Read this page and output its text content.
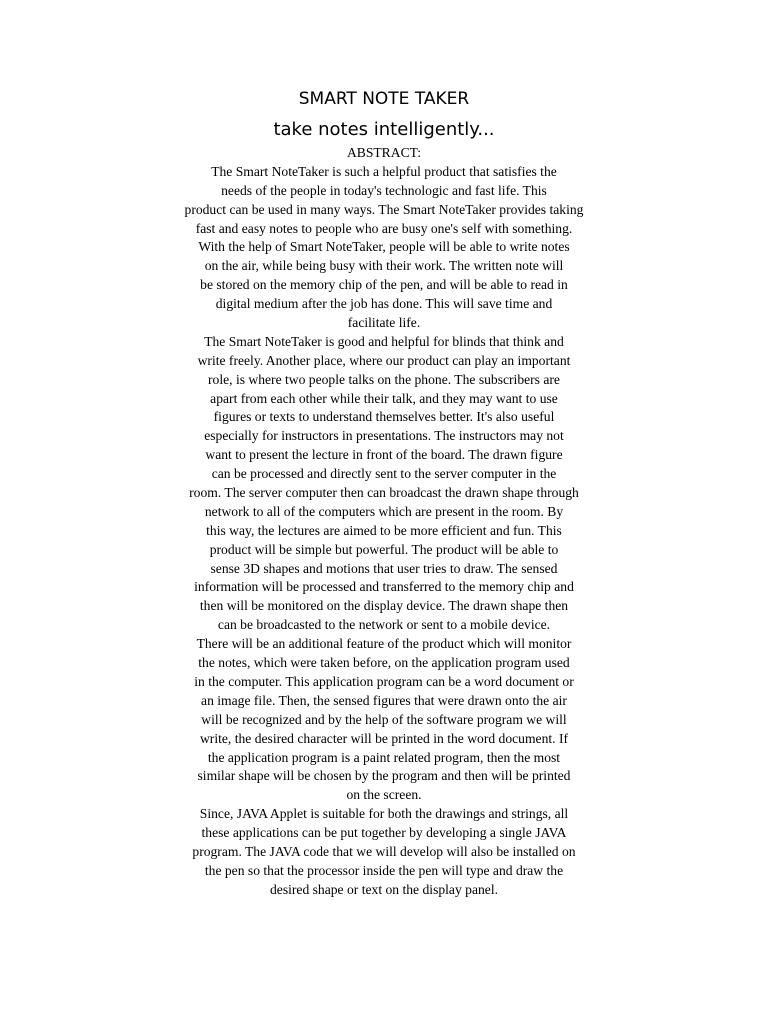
SMART NOTE TAKER
take notes intelligently...
ABSTRACT:
The Smart NoteTaker is such a helpful product that satisfies the
needs of the people in today's technologic and fast life. This
product can be used in many ways. The Smart NoteTaker provides taking
fast and easy notes to people who are busy one's self with something.
With the help of Smart NoteTaker, people will be able to write notes
on the air, while being busy with their work. The written note will
be stored on the memory chip of the pen, and will be able to read in
digital medium after the job has done. This will save time and
facilitate life.
The Smart NoteTaker is good and helpful for blinds that think and
write freely. Another place, where our product can play an important
role, is where two people talks on the phone. The subscribers are
apart from each other while their talk, and they may want to use
figures or texts to understand themselves better. It's also useful
especially for instructors in presentations. The instructors may not
want to present the lecture in front of the board. The drawn figure
can be processed and directly sent to the server computer in the
room. The server computer then can broadcast the drawn shape through
network to all of the computers which are present in the room. By
this way, the lectures are aimed to be more efficient and fun. This
product will be simple but powerful. The product will be able to
sense 3D shapes and motions that user tries to draw. The sensed
information will be processed and transferred to the memory chip and
then will be monitored on the display device. The drawn shape then
can be broadcasted to the network or sent to a mobile device.
There will be an additional feature of the product which will monitor
the notes, which were taken before, on the application program used
in the computer. This application program can be a word document or
an image file. Then, the sensed figures that were drawn onto the air
will be recognized and by the help of the software program we will
write, the desired character will be printed in the word document. If
the application program is a paint related program, then the most
similar shape will be chosen by the program and then will be printed
on the screen.
Since, JAVA Applet is suitable for both the drawings and strings, all
these applications can be put together by developing a single JAVA
program. The JAVA code that we will develop will also be installed on
the pen so that the processor inside the pen will type and draw the
desired shape or text on the display panel.
